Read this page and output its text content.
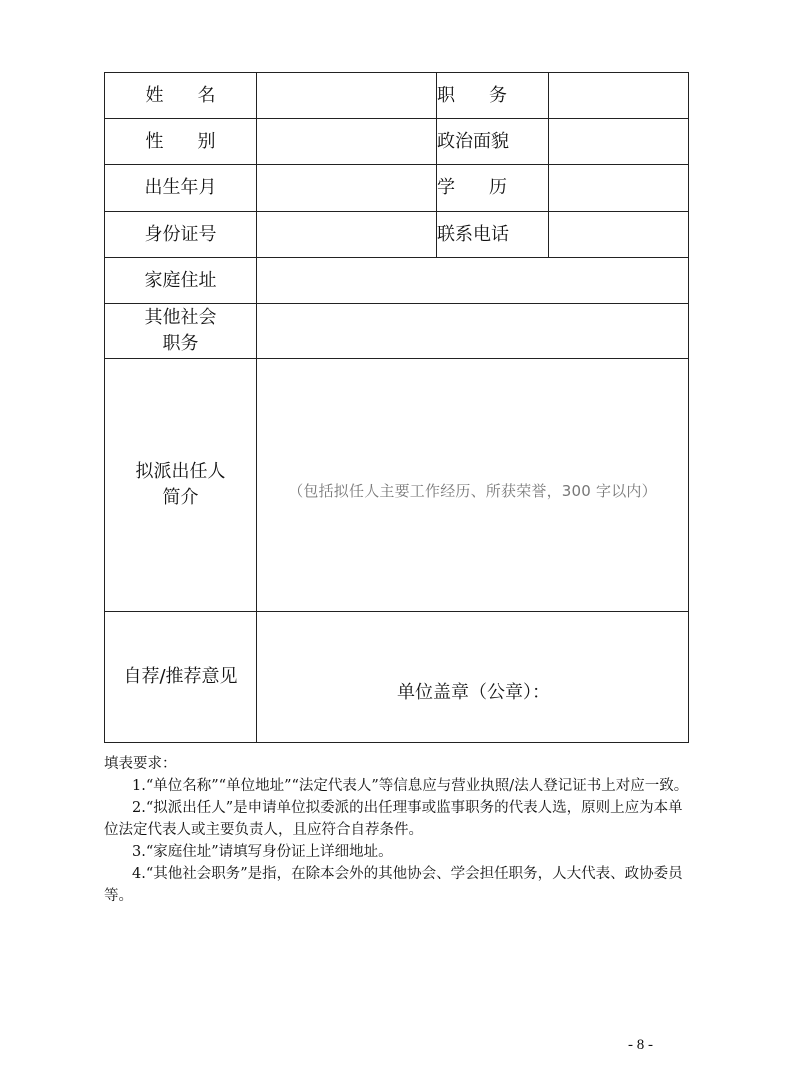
姓 名		职 务	
性 别		政治面貌	
出生年月		学 历	
身份证号		联系电话	
家庭住址			
其他社会
职务			
拟派出任人
简介	（包括拟任人主要工作经历、所获荣誉，300 字以内）		

自荐/推荐意见	单位盖章（公章）：		

填表要求：

1.“单位名称”“单位地址”“法定代表人”等信息应与营业执照/法人登记证书上对应一致。

2.“拟派出任人”是申请单位拟委派的出任理事或监事职务的代表人选，原则上应为本单位法定代表人或主要负责人，且应符合自荐条件。

3.“家庭住址”请填写身份证上详细地址。

4.“其他社会职务”是指，在除本会外的其他协会、学会担任职务，人大代表、政协委员等。

- 8 -
